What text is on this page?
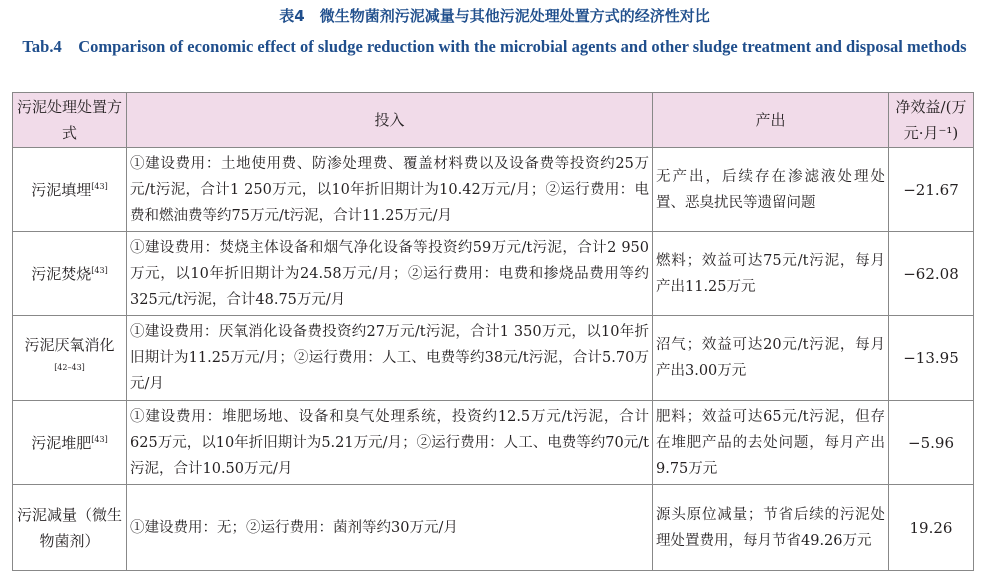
表4　微生物菌剂污泥减量与其他污泥处理处置方式的经济性对比
Tab.4　Comparison of economic effect of sludge reduction with the microbial agents and other sludge treatment and disposal methods
污泥处理处置方式	投入	产出	净效益/(万元·月⁻¹)
污泥填埋[43]	①建设费用：土地使用费、防渗处理费、覆盖材料费以及设备费等投资约25万元/t污泥，合计1 250万元，以10年折旧期计为10.42万元/月；②运行费用：电费和燃油费等约75万元/t污泥，合计11.25万元/月	无产出，后续存在渗滤液处理处置、恶臭扰民等遗留问题	−21.67
污泥焚烧[43]	①建设费用：焚烧主体设备和烟气净化设备等投资约59万元/t污泥，合计2 950万元，以10年折旧期计为24.58万元/月；②运行费用：电费和掺烧品费用等约325元/t污泥，合计48.75万元/月	燃料；效益可达75元/t污泥，每月产出11.25万元	−62.08
污泥厌氧消化[42–43]	①建设费用：厌氧消化设备费投资约27万元/t污泥，合计1 350万元，以10年折旧期计为11.25万元/月；②运行费用：人工、电费等约38元/t污泥，合计5.70万元/月	沼气；效益可达20元/t污泥，每月产出3.00万元	−13.95
污泥堆肥[43]	①建设费用：堆肥场地、设备和臭气处理系统，投资约12.5万元/t污泥，合计625万元，以10年折旧期计为5.21万元/月；②运行费用：人工、电费等约70元/t污泥，合计10.50万元/月	肥料；效益可达65元/t污泥，但存在堆肥产品的去处问题，每月产出9.75万元	−5.96
污泥减量（微生物菌剂）	①建设费用：无；②运行费用：菌剂等约30万元/月	源头原位减量；节省后续的污泥处理处置费用，每月节省49.26万元	19.26
